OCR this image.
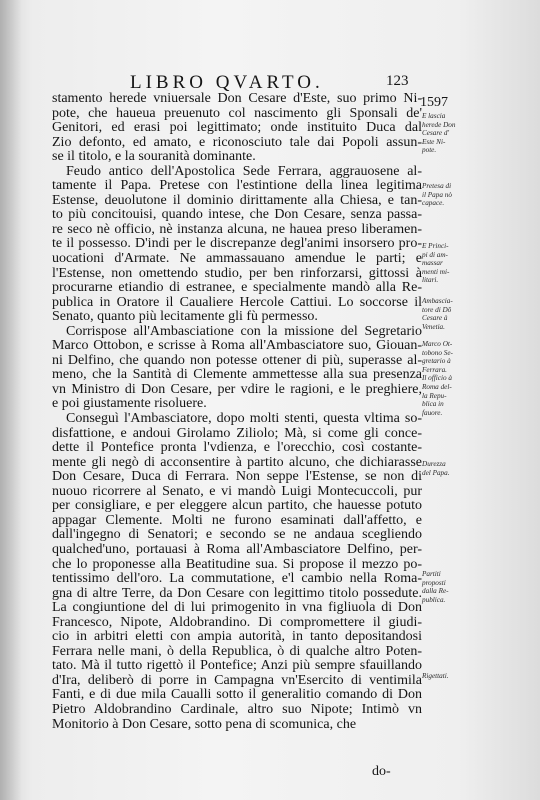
LIBRO QVARTO.	123
1597
stamento herede vniuersale Don Cesare d'Este, suo primo Ni-
pote, che haueua preuenuto col nascimento gli Sponsali de'
Genitori, ed erasi poi legittimato; onde instituito Duca dal
Zio defonto, ed amato, e riconosciuto tale dai Popoli assun-
se il titolo, e la souranità dominante.
Feudo antico dell'Apostolica Sede Ferrara, aggrauosene al-
tamente il Papa. Pretese con l'estintione della linea legitima
Estense, deuolutone il dominio dirittamente alla Chiesa, e tan-
to più concitouisi, quando intese, che Don Cesare, senza passa-
re seco nè officio, nè instanza alcuna, ne hauea preso liberamen-
te il possesso. D'indi per le discrepanze degl'animi insorsero pro-
uocationi d'Armate. Ne ammassauano amendue le parti; e
l'Estense, non omettendo studio, per ben rinforzarsi, gittossi à
procurarne etiandio di estranee, e specialmente mandò alla Re-
publica in Oratore il Caualiere Hercole Cattiui. Lo soccorse il
Senato, quanto più lecitamente gli fù permesso.
Corrispose all'Ambasciatione con la missione del Segretario
Marco Ottobon, e scrisse à Roma all'Ambasciatore suo, Giouan-
ni Delfino, che quando non potesse ottener di più, superasse al-
meno, che la Santità di Clemente ammettesse alla sua presenza
vn Ministro di Don Cesare, per vdire le ragioni, e le preghiere,
e poi giustamente risoluere.
Conseguì l'Ambasciatore, dopo molti stenti, questa vltima so-
disfattione, e andoui Girolamo Ziliolo; Mà, si come gli conce-
dette il Pontefice pronta l'vdienza, e l'orecchio, così costante-
mente gli negò di acconsentire à partito alcuno, che dichiarasse
Don Cesare, Duca di Ferrara. Non seppe l'Estense, se non di
nuouo ricorrere al Senato, e vi mandò Luigi Montecuccoli, pur
per consigliare, e per eleggere alcun partito, che hauesse potuto
appagar Clemente. Molti ne furono esaminati dall'affetto, e
dall'ingegno di Senatori; e secondo se ne andaua scegliendo
qualched'uno, portauasi à Roma all'Ambasciatore Delfino, per-
che lo proponesse alla Beatitudine sua. Si propose il mezzo po-
tentissimo dell'oro. La commutatione, e'l cambio nella Roma-
gna di altre Terre, da Don Cesare con legittimo titolo possedute.
La congiuntione del di lui primogenito in vna figliuola di Don
Francesco, Nipote, Aldobrandino. Di compromettere il giudi-
cio in arbitri eletti con ampia autorità, in tanto depositandosi
Ferrara nelle mani, ò della Republica, ò di qualche altro Poten-
tato. Mà il tutto rigettò il Pontefice; Anzi più sempre sfauillando
d'Ira, deliberò di porre in Campagna vn'Esercito di ventimila
Fanti, e di due mila Caualli sotto il generalitio comando di Don
Pietro Aldobrandino Cardinale, altro suo Nipote; Intimò vn
Monitorio à Don Cesare, sotto pena di scomunica, che
E lascia
herede Don
Cesare d'
Este Ni-
pote.
Pretesa di
il Papa nò
capace.
E Princi-
pi di am-
massar
menti mi-
litari.
Ambascia-
tore di Dō
Cesare à
Venetia.
Marco Ot-
tobono Se-
gretario à
Ferrara.
Il officio à
Roma del-
la Repu-
blica in
fauore.
Durezza
del Papa.
Partiti
proposti
dalla Re-
publica.
Rigettati.
do-
